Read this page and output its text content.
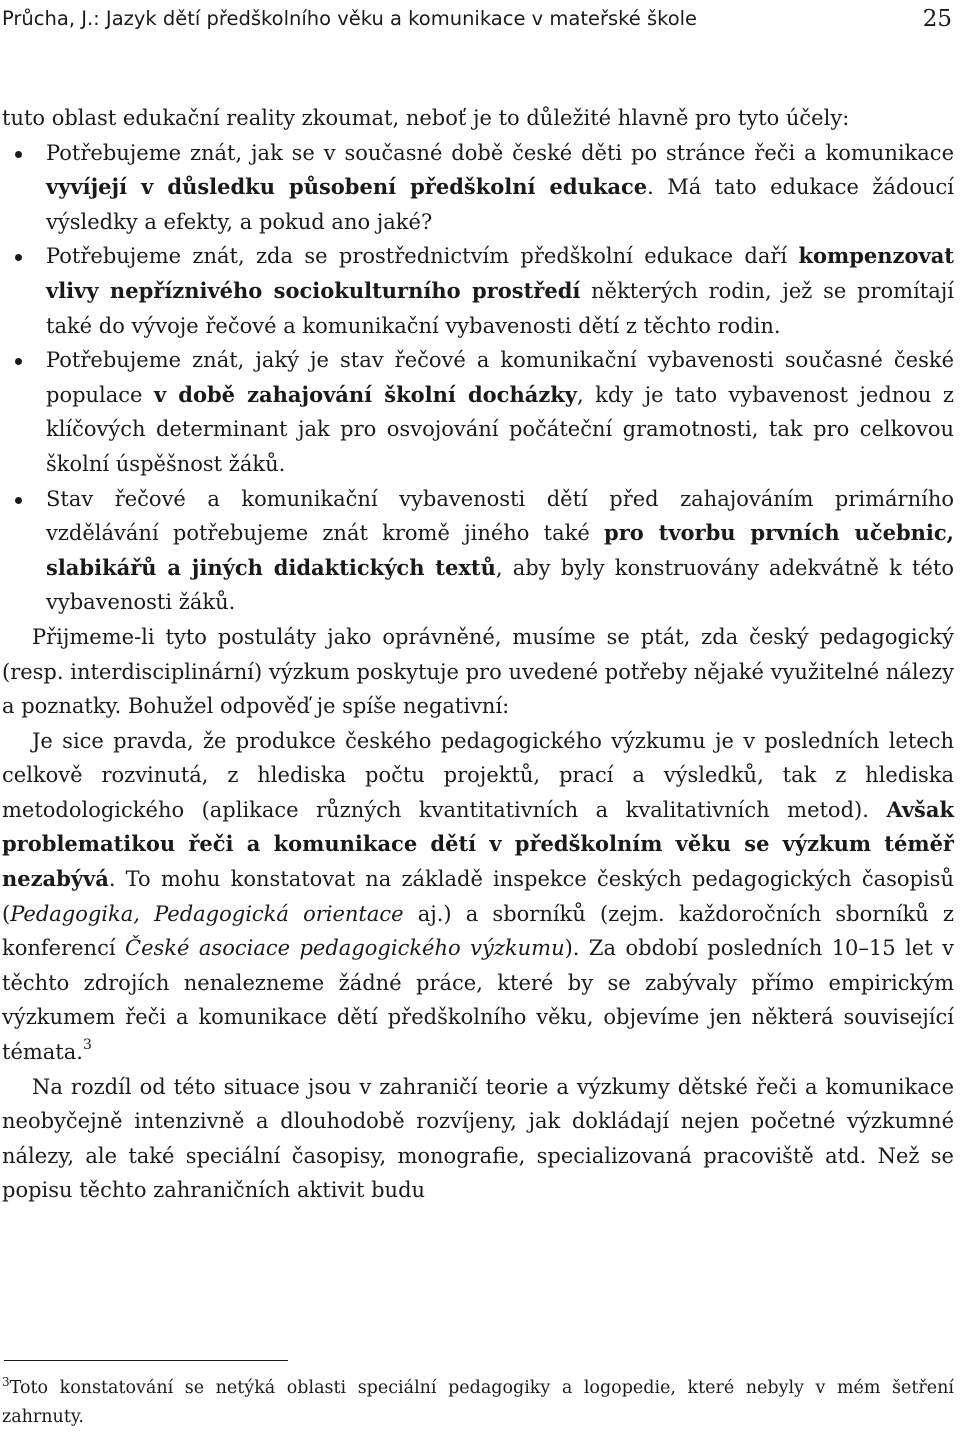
Průcha, J.: Jazyk dětí předškolního věku a komunikace v mateřské škole	25

tuto oblast edukační reality zkoumat, neboť je to důležité hlavně pro tyto účely:

Potřebujeme znát, jak se v současné době české děti po stránce řeči a komunikace vyvíjejí v důsledku působení předškolní edukace. Má tato edukace žádoucí výsledky a efekty, a pokud ano jaké?
Potřebujeme znát, zda se prostřednictvím předškolní edukace daří kompenzovat vlivy nepříznivého sociokulturního prostředí některých rodin, jež se promítají také do vývoje řečové a komunikační vybavenosti dětí z těchto rodin.
Potřebujeme znát, jaký je stav řečové a komunikační vybavenosti současné české populace v době zahajování školní docházky, kdy je tato vybavenost jednou z klíčových determinant jak pro osvojování počáteční gramotnosti, tak pro celkovou školní úspěšnost žáků.
Stav řečové a komunikační vybavenosti dětí před zahajováním primárního vzdělávání potřebujeme znát kromě jiného také pro tvorbu prvních učebnic, slabikářů a jiných didaktických textů, aby byly konstruovány adekvátně k této vybavenosti žáků.

Přijmeme-li tyto postuláty jako oprávněné, musíme se ptát, zda český pedagogický (resp. interdisciplinární) výzkum poskytuje pro uvedené potřeby nějaké využitelné nálezy a poznatky. Bohužel odpověď je spíše negativní:

Je sice pravda, že produkce českého pedagogického výzkumu je v posledních letech celkově rozvinutá, z hlediska počtu projektů, prací a výsledků, tak z hlediska metodologického (aplikace různých kvantitativních a kvalitativních metod). Avšak problematikou řeči a komunikace dětí v předškolním věku se výzkum téměř nezabývá. To mohu konstatovat na základě inspekce českých pedagogických časopisů (Pedagogika, Pedagogická orientace aj.) a sborníků (zejm. každoročních sborníků z konferencí České asociace pedagogického výzkumu). Za období posledních 10–15 let v těchto zdrojích nenalezneme žádné práce, které by se zabývaly přímo empirickým výzkumem řeči a komunikace dětí předškolního věku, objevíme jen některá související témata.$^3$

Na rozdíl od této situace jsou v zahraničí teorie a výzkumy dětské řeči a komunikace neobyčejně intenzivně a dlouhodobě rozvíjeny, jak dokládají nejen početné výzkumné nálezy, ale také speciální časopisy, monografie, specializovaná pracoviště atd. Než se popisu těchto zahraničních aktivit budu

$^3$Toto konstatování se netýká oblasti speciální pedagogiky a logopedie, které nebyly v mém šetření zahrnuty.
